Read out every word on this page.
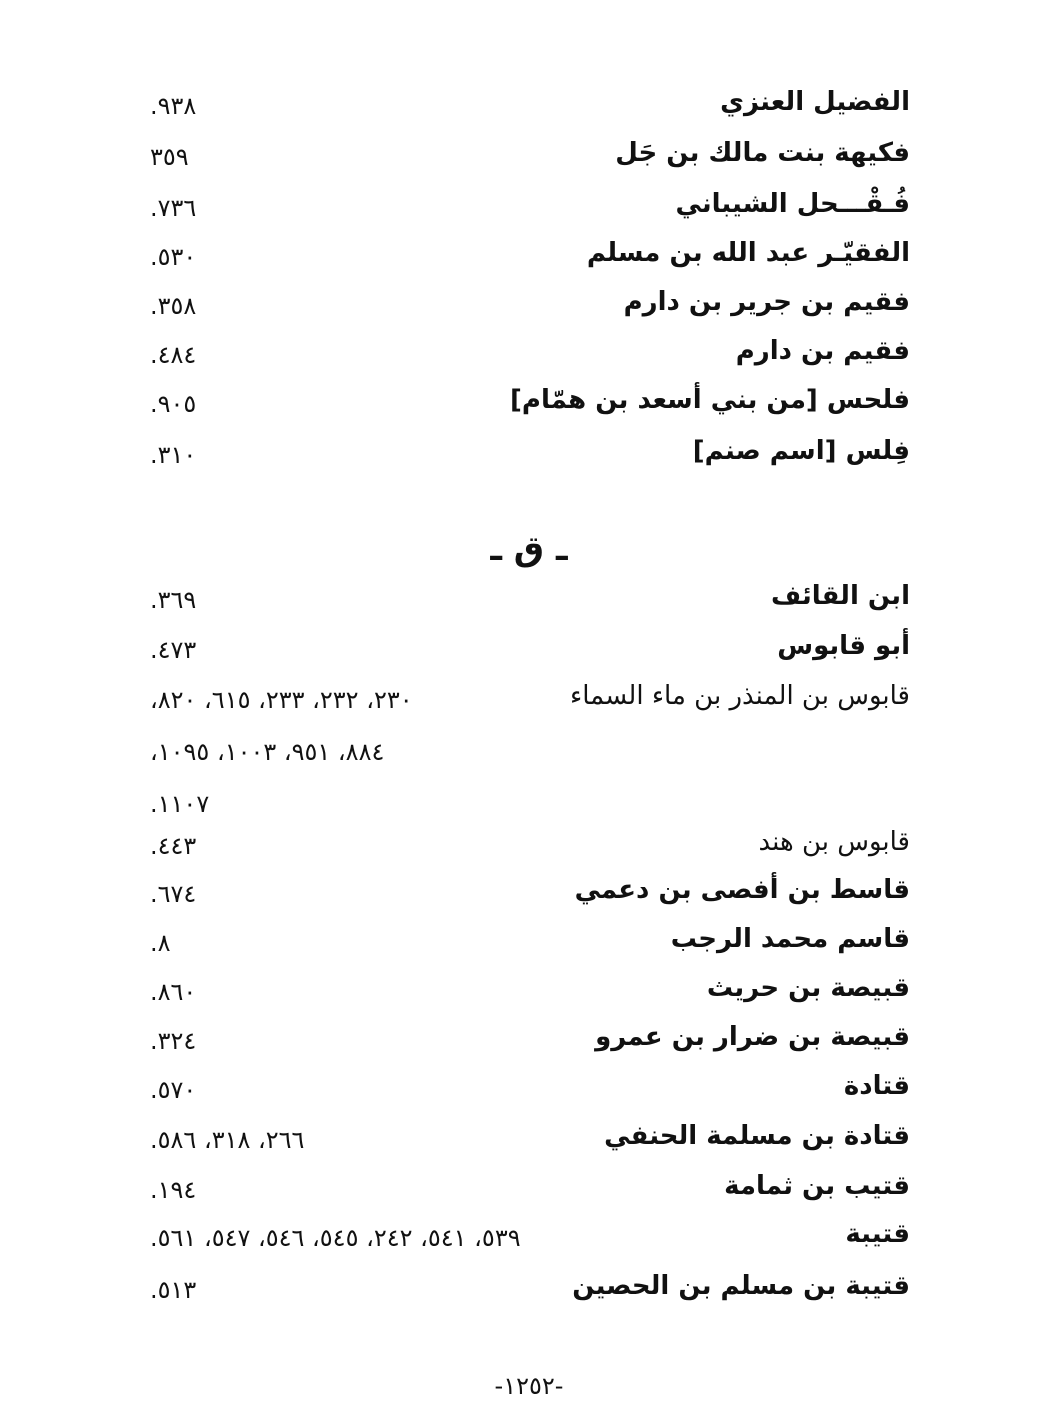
الفضيل العنزي
٩٣٨.
فكيهة بنت مالك بن جَل
٣٥٩
فُـقْـــحل الشيباني
٧٣٦.
الفقيّـر عبد الله بن مسلم
٥٣٠.
فقيم بن جرير بن دارم
٣٥٨.
فقيم بن دارم
٤٨٤.
فلحس [من بني أسعد بن همّام]
٩٠٥.
فِلس [اسم صنم]
٣١٠.
ـ ق ـ
ابن القائف
٣٦٩.
أبو قابوس
٤٧٣.
قابوس بن المنذر بن ماء السماء
٢٣٠، ٢٣٢، ٢٣٣، ٦١٥، ٨٢٠،
٨٨٤، ٩٥١، ١٠٠٣، ١٠٩٥،
١١٠٧.
قابوس بن هند
٤٤٣.
قاسط بن أفصى بن دعمي
٦٧٤.
قاسم محمد الرجب
٨.
قبيصة بن حريث
٨٦٠.
قبيصة بن ضرار بن عمرو
٣٢٤.
قتادة
٥٧٠.
قتادة بن مسلمة الحنفي
٢٦٦، ٣١٨، ٥٨٦.
قتيب بن ثمامة
١٩٤.
قتيبة
٥٣٩، ٥٤١، ٢٤٢، ٥٤٥، ٥٤٦، ٥٤٧، ٥٦١.
قتيبة بن مسلم بن الحصين
٥١٣.
-١٢٥٢-
